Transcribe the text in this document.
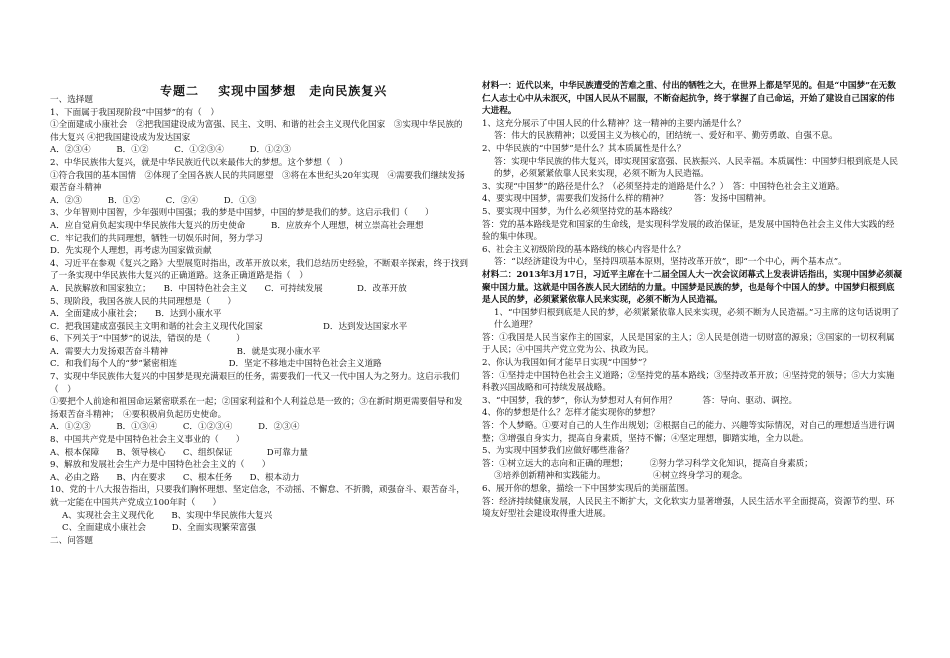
专题二 实现中国梦想　走向民族复兴

一、选择题

1、下面属于我国现阶段“中国梦”的有（　）

①全面建成小康社会　②把我国建设成为富强、民主、文明、和谐的社会主义现代化国家　③实现中华民族的伟大复兴 ④把我国建设成为发达国家

A．②③④　　　B．①②　　　C．①②③④　　　D．①②③

2、中华民族伟大复兴，就是中华民族近代以来最伟大的梦想。这个梦想（　）

①符合我国的基本国情　②体现了全国各族人民的共同愿望　③将在本世纪头20年实现　④需要我们继续发扬艰苦奋斗精神

A．②③　　　B．①②　　　C．②④　　　D．①③

3、少年智则中国智，少年强则中国强；我的梦是中国梦，中国的梦是我们的梦。这启示我们（　　）

A．应自觉肩负起实现中华民族伟大复兴的历史使命　　　B．应放弃个人理想，树立崇高社会理想

C．牢记我们的共同理想，牺牲一切娱乐时间，努力学习

D．先实现个人理想，再考虑为国家做贡献

4、习近平在参观《复兴之路》大型展览时指出，改革开放以来，我们总结历史经验，不断艰辛探索，终于找到了一条实现中华民族伟大复兴的正确道路。这条正确道路是指（　）

A．民族解放和国家独立；　　B．中国特色社会主义　　C．可持续发展　　　　D．改革开放

5、现阶段，我国各族人民的共同理想是（　　）

A．全面建成小康社会；　　B．达到小康水平

C．把我国建成富强民主文明和谐的社会主义现代化国家　　　　　　　D．达到发达国家水平

6、下列关于“中国梦”的说法，错误的是（　　　）

A．需要大力发扬艰苦奋斗精神　　　　　　　　B．就是实现小康水平

C．和我们每个人的“梦”紧密相连　　　　　　D．坚定不移地走中国特色社会主义道路

7、实现中华民族伟大复兴的中国梦是现充满艰巨的任务，需要我们一代又一代中国人为之努力。这启示我们（　）

①要把个人前途和祖国命运紧密联系在一起；②国家利益和个人利益总是一致的；③在新时期更需要倡导和发扬艰苦奋斗精神；　④要积极肩负起历史使命。

A．①②③　　　B．①③④　　　C．①②③④　　　D．②③④

8、中国共产党是中国特色社会主义事业的（　　）

A、根本保障　　B、领导核心　　C、组织保证　　　　D可靠力量

9、解放和发展社会生产力是中国特色社会主义的（　　）

A、必由之路　　B、内在要求　　C、根本任务　　D、根本动力

10、党的十八大报告指出，只要我们胸怀理想、坚定信念，不动摇、不懈怠、不折腾，顽强奋斗、艰苦奋斗，就一定能在中国共产党成立100年时（　　）

A、实现社会主义现代化　　B、实现中华民族伟大复兴

C、全面建成小康社会　　　D、全面实现繁荣富强

二、问答题

材料一：近代以来，中华民族遭受的苦难之重、付出的牺牲之大，在世界上都是罕见的。但是“中国梦”在无数仁人志士心中从未泯灭，中国人民从不屈服，不断奋起抗争，终于掌握了自己命运，开始了建设自己国家的伟大进程。

1、这充分展示了中国人民的什么精神？这一精神的主要内涵是什么？

答：伟大的民族精神；以爱国主义为核心的，团结统一、爱好和平、勤劳勇敢、自强不息。

2、中华民族的“中国梦”是什么？其本质属性是什么？

答：实现中华民族的伟大复兴，即实现国家富强、民族振兴、人民幸福。本质属性：中国梦归根到底是人民的梦，必须紧紧依靠人民来实现，必须不断为人民造福。

3、实现“中国梦”的路径是什么？（必须坚持走的道路是什么？）　答：中国特色社会主义道路。

4、要实现中国梦，需要我们发扬什么样的精神？　　　答：发扬中国精神。

5、要实现中国梦，为什么必须坚持党的基本路线？

答：党的基本路线是党和国家的生命线，是实现科学发展的政治保证，是发展中国特色社会主义伟大实践的经验的集中体现。

6、社会主义初级阶段的基本路线的核心内容是什么？

答：“以经济建设为中心，坚持四项基本原则，坚持改革开放”，即“一个中心，两个基本点”。

材料二：2013年3月17日，习近平主席在十二届全国人大一次会议闭幕式上发表讲话指出，实现中国梦必须凝聚中国力量。这就是中国各族人民大团结的力量。中国梦是民族的梦，也是每个中国人的梦。中国梦归根到底是人民的梦，必须紧紧依靠人民来实现，必须不断为人民造福。

1、“中国梦归根到底是人民的梦，必须紧紧依靠人民来实现，必须不断为人民造福。”习主席的这句话说明了什么道理？

答：①我国是人民当家作主的国家，人民是国家的主人；②人民是创造一切财富的源泉；③国家的一切权利属于人民；④中国共产党立党为公、执政为民。

2、你认为我国如何才能早日实现“中国梦”？

答：①坚持走中国特色社会主义道路；②坚持党的基本路线；③坚持改革开放；④坚持党的领导；⑤大力实施科教兴国战略和可持续发展战略。

3、“中国梦，我的梦”，你认为梦想对人有何作用？　　　答：导向、驱动、调控。

4、你的梦想是什么？怎样才能实现你的梦想？

答：个人梦略。①要对自己的人生作出规划；②根据自己的能力、兴趣等实际情况，对自己的理想适当进行调整；③增强自身实力，提高自身素质，坚持不懈；④坚定理想，脚踏实地，全力以赴。

5、为实现中国梦我们应做好哪些准备？

答：①树立远大的志向和正确的理想；　　　②努力学习科学文化知识，提高自身素质；

③培养创新精神和实践能力。　　　　　　④树立终身学习的观念。

6、展开你的想象，描绘一下中国梦实现后的美丽蓝图。

答：经济持续健康发展，人民民主不断扩大，文化软实力显著增强，人民生活水平全面提高，资源节约型、环境友好型社会建设取得重大进展。
